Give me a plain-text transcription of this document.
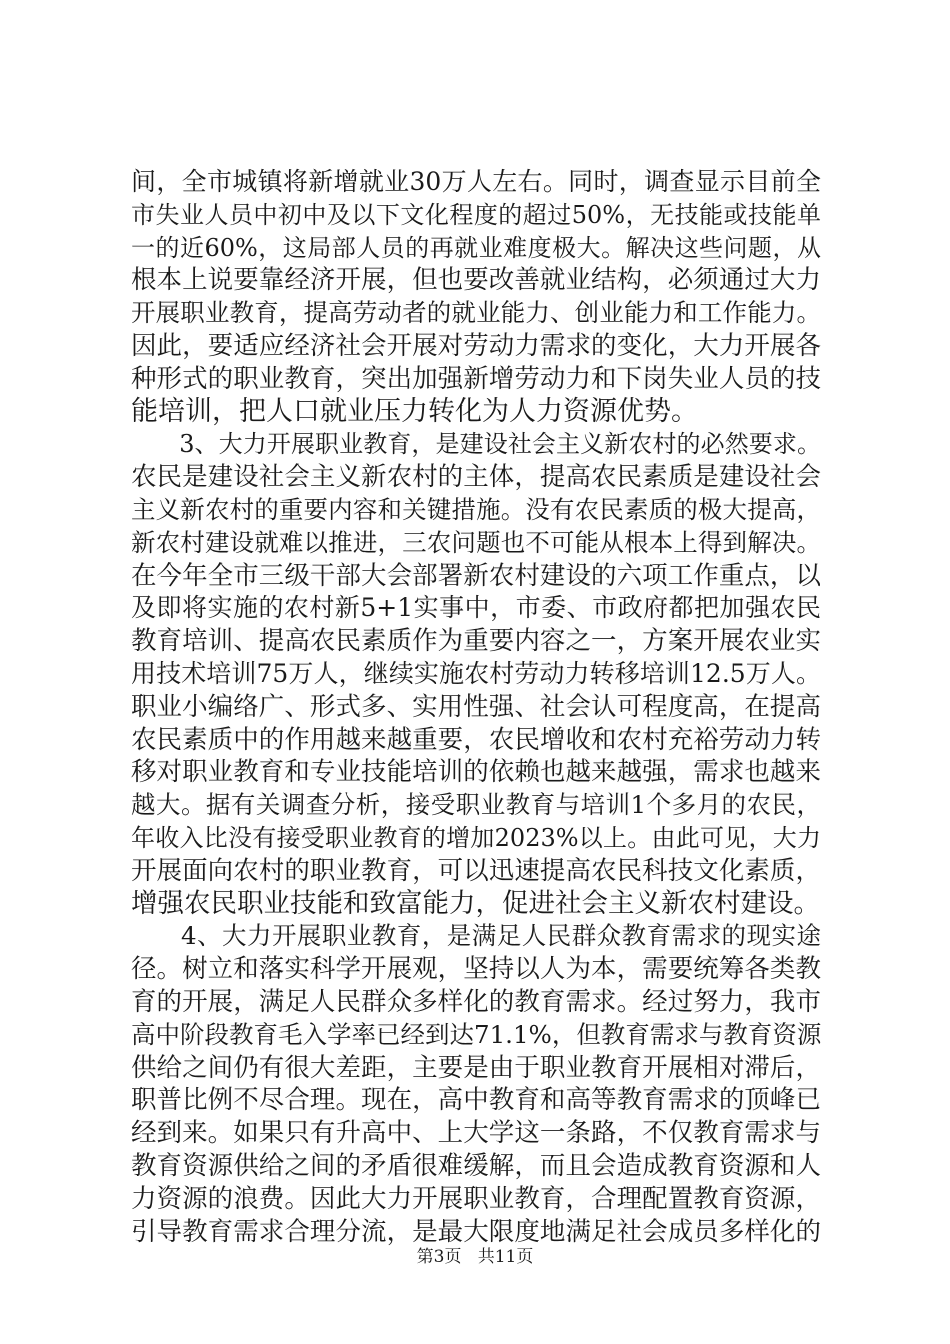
间，全市城镇将新增就业30万人左右。同时，调查显示目前全
市失业人员中初中及以下文化程度的超过50%，无技能或技能单
一的近60%，这局部人员的再就业难度极大。解决这些问题，从
根本上说要靠经济开展，但也要改善就业结构，必须通过大力
开展职业教育，提高劳动者的就业能力、创业能力和工作能力。
因此，要适应经济社会开展对劳动力需求的变化，大力开展各
种形式的职业教育，突出加强新增劳动力和下岗失业人员的技
能培训，把人口就业压力转化为人力资源优势。
　　3、大力开展职业教育，是建设社会主义新农村的必然要求。
农民是建设社会主义新农村的主体，提高农民素质是建设社会
主义新农村的重要内容和关键措施。没有农民素质的极大提高，
新农村建设就难以推进，三农问题也不可能从根本上得到解决。
在今年全市三级干部大会部署新农村建设的六项工作重点，以
及即将实施的农村新5+1实事中，市委、市政府都把加强农民
教育培训、提高农民素质作为重要内容之一，方案开展农业实
用技术培训75万人，继续实施农村劳动力转移培训12.5万人。
职业小编络广、形式多、实用性强、社会认可程度高，在提高
农民素质中的作用越来越重要，农民增收和农村充裕劳动力转
移对职业教育和专业技能培训的依赖也越来越强，需求也越来
越大。据有关调查分析，接受职业教育与培训1个多月的农民，
年收入比没有接受职业教育的增加2023%以上。由此可见，大力
开展面向农村的职业教育，可以迅速提高农民科技文化素质，
增强农民职业技能和致富能力，促进社会主义新农村建设。
　　4、大力开展职业教育，是满足人民群众教育需求的现实途
径。树立和落实科学开展观，坚持以人为本，需要统筹各类教
育的开展，满足人民群众多样化的教育需求。经过努力，我市
高中阶段教育毛入学率已经到达71.1%，但教育需求与教育资源
供给之间仍有很大差距，主要是由于职业教育开展相对滞后，
职普比例不尽合理。现在，高中教育和高等教育需求的顶峰已
经到来。如果只有升高中、上大学这一条路，不仅教育需求与
教育资源供给之间的矛盾很难缓解，而且会造成教育资源和人
力资源的浪费。因此大力开展职业教育，合理配置教育资源，
引导教育需求合理分流，是最大限度地满足社会成员多样化的
第3页 共11页
